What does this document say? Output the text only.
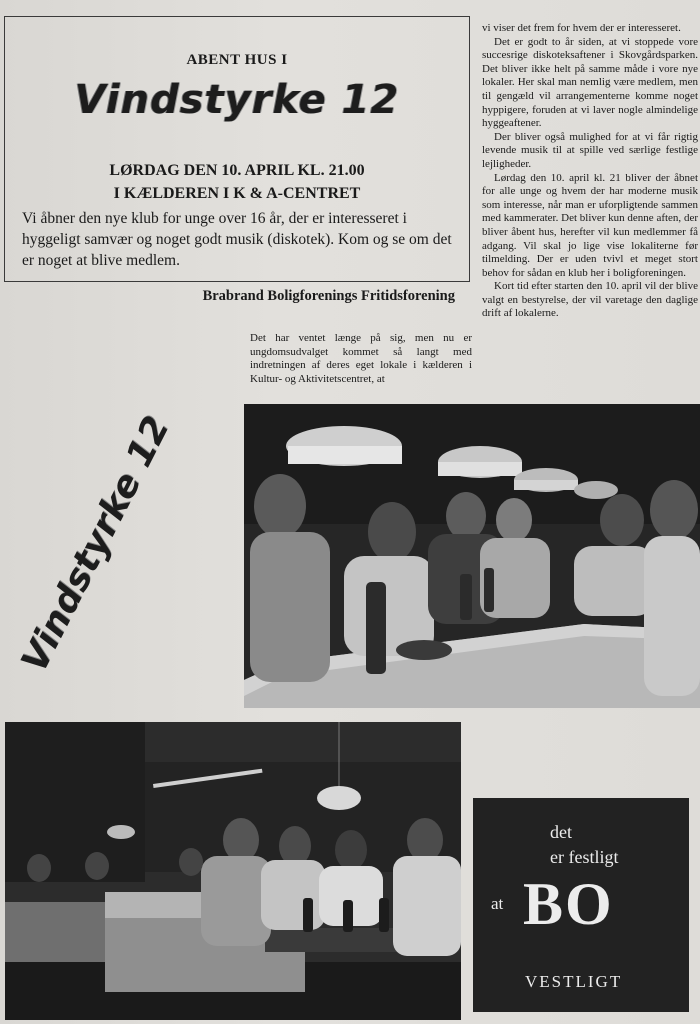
ABENT HUS I
Vindstyrke 12
LØRDAG DEN 10. APRIL KL. 21.00
I KÆLDEREN I K & A-CENTRET
Vi åbner den nye klub for unge over 16 år, der er interesseret i hyggeligt samvær og noget godt musik (diskotek). Kom og se om det er noget at blive medlem.
Brabrand Boligforenings Fritidsforening

vi viser det frem for hvem der er interesseret.

Det er godt to år siden, at vi stoppede vore succesrige diskoteksaftener i Skovgårdsparken. Det bliver ikke helt på samme måde i vore nye lokaler. Her skal man nemlig være medlem, men til gengæld vil arrangementerne komme noget hyppigere, foruden at vi laver nogle almindelige hyggeaftener.

Der bliver også mulighed for at vi får rigtig levende musik til at spille ved særlige festlige lejligheder.

Lørdag den 10. april kl. 21 bliver der åbnet for alle unge og hvem der har moderne musik som interesse, når man er uforpligtende sammen med kammerater. Det bliver kun denne aften, der bliver åbent hus, herefter vil kun medlemmer få adgang. Vil skal jo lige vise lokaliterne før tilmelding. Der er uden tvivl et meget stort behov for sådan en klub her i boligforeningen.

Kort tid efter starten den 10. april vil der blive valgt en bestyrelse, der vil varetage den daglige drift af lokalerne.

Det har ventet længe på sig, men nu er ungdomsudvalget kommet så langt med indretningen af deres eget lokale i kælderen i Kultur- og Aktivitetscentret, at
Vindstyrke 12
det
er festligt
at BO
VESTLIGT
